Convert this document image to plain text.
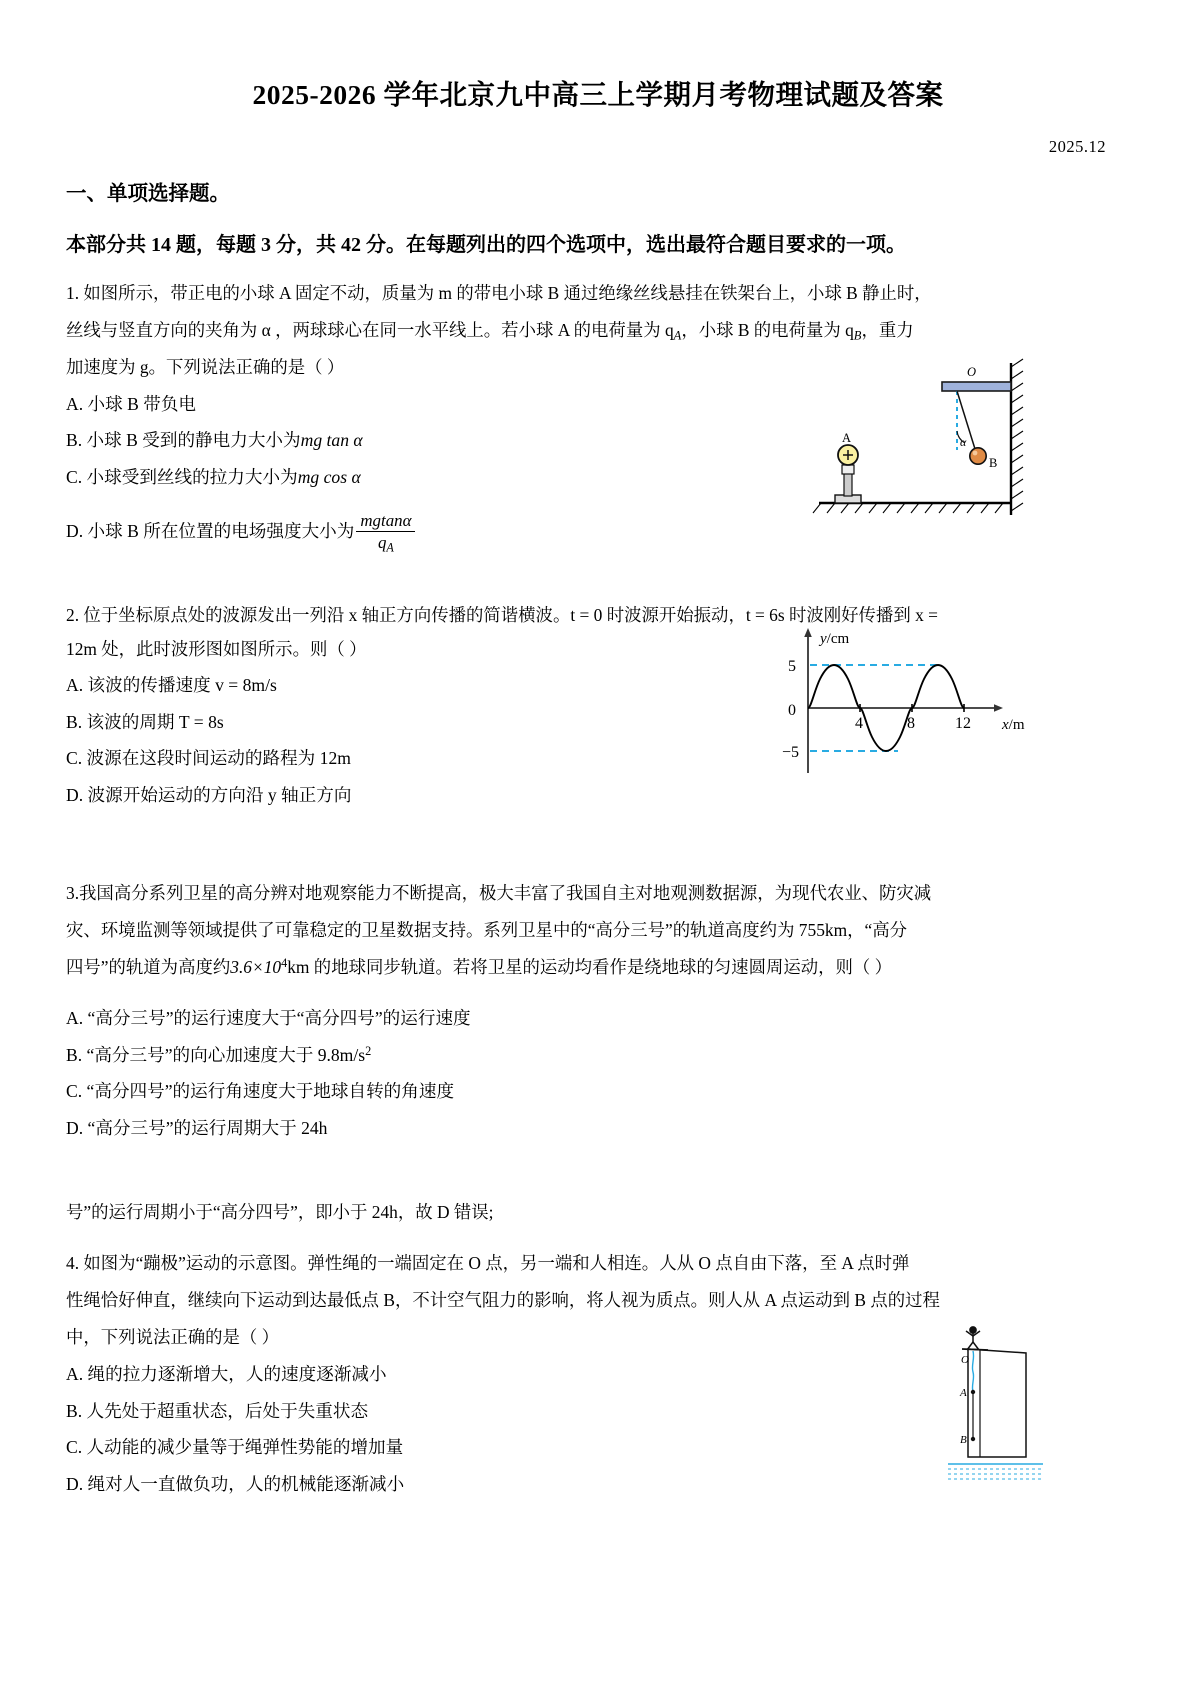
2025-2026 学年北京九中高三上学期月考物理试题及答案
2025.12
一、单项选择题。
本部分共 14 题，每题 3 分，共 42 分。在每题列出的四个选项中，选出最符合题目要求的一项。
1. 如图所示，带正电的小球 A 固定不动，质量为 m 的带电小球 B 通过绝缘丝线悬挂在铁架台上，小球 B 静止时，
丝线与竖直方向的夹角为 α ，两球球心在同一水平线上。若小球 A 的电荷量为 $q_A$，小球 B 的电荷量为 $q_B$，重力
加速度为 g。下列说法正确的是（ ）	O
α
B
A
A. 小球 B 带负电
B. 小球 B 受到的静电力大小为mg tan α
C. 小球受到丝线的拉力大小为mg cos α
D. 小球 B 所在位置的电场强度大小为 $\frac{mgtan\alpha}{q_A}$
2. 位于坐标原点处的波源发出一列沿 x 轴正方向传播的简谐横波。t = 0 时波源开始振动，t = 6s 时波刚好传播到 x =
12m 处，此时波形图如图所示。则（ ）	y/cm
x/m
5
0
−5
4	8	12
A. 该波的传播速度 v = 8m/s
B. 该波的周期 T = 8s
C. 波源在这段时间运动的路程为 12m
D. 波源开始运动的方向沿 y 轴正方向
3.我国高分系列卫星的高分辨对地观察能力不断提高，极大丰富了我国自主对地观测数据源，为现代农业、防灾减
灾、环境监测等领域提供了可靠稳定的卫星数据支持。系列卫星中的“高分三号”的轨道高度约为 755km，“高分
四号”的轨道为高度约$3.6\times 10^4km$ 的地球同步轨道。若将卫星的运动均看作是绕地球的匀速圆周运动，则（ ）
A. “高分三号”的运行速度大于“高分四号”的运行速度
B. “高分三号”的向心加速度大于 $9.8m/s^2$
C. “高分四号”的运行角速度大于地球自转的角速度
D. “高分三号”的运行周期大于 24h
号”的运行周期小于“高分四号”，即小于 24h，故 D 错误;
4. 如图为“蹦极”运动的示意图。弹性绳的一端固定在 O 点，另一端和人相连。人从 O 点自由下落，至 A 点时弹
性绳恰好伸直，继续向下运动到达最低点 B，不计空气阻力的影响，将人视为质点。则人从 A 点运动到 B 点的过程
中，下列说法正确的是（ ）
O
A
B
A. 绳的拉力逐渐增大，人的速度逐渐减小
B. 人先处于超重状态，后处于失重状态
C. 人动能的减少量等于绳弹性势能的增加量
D. 绳对人一直做负功，人的机械能逐渐减小
